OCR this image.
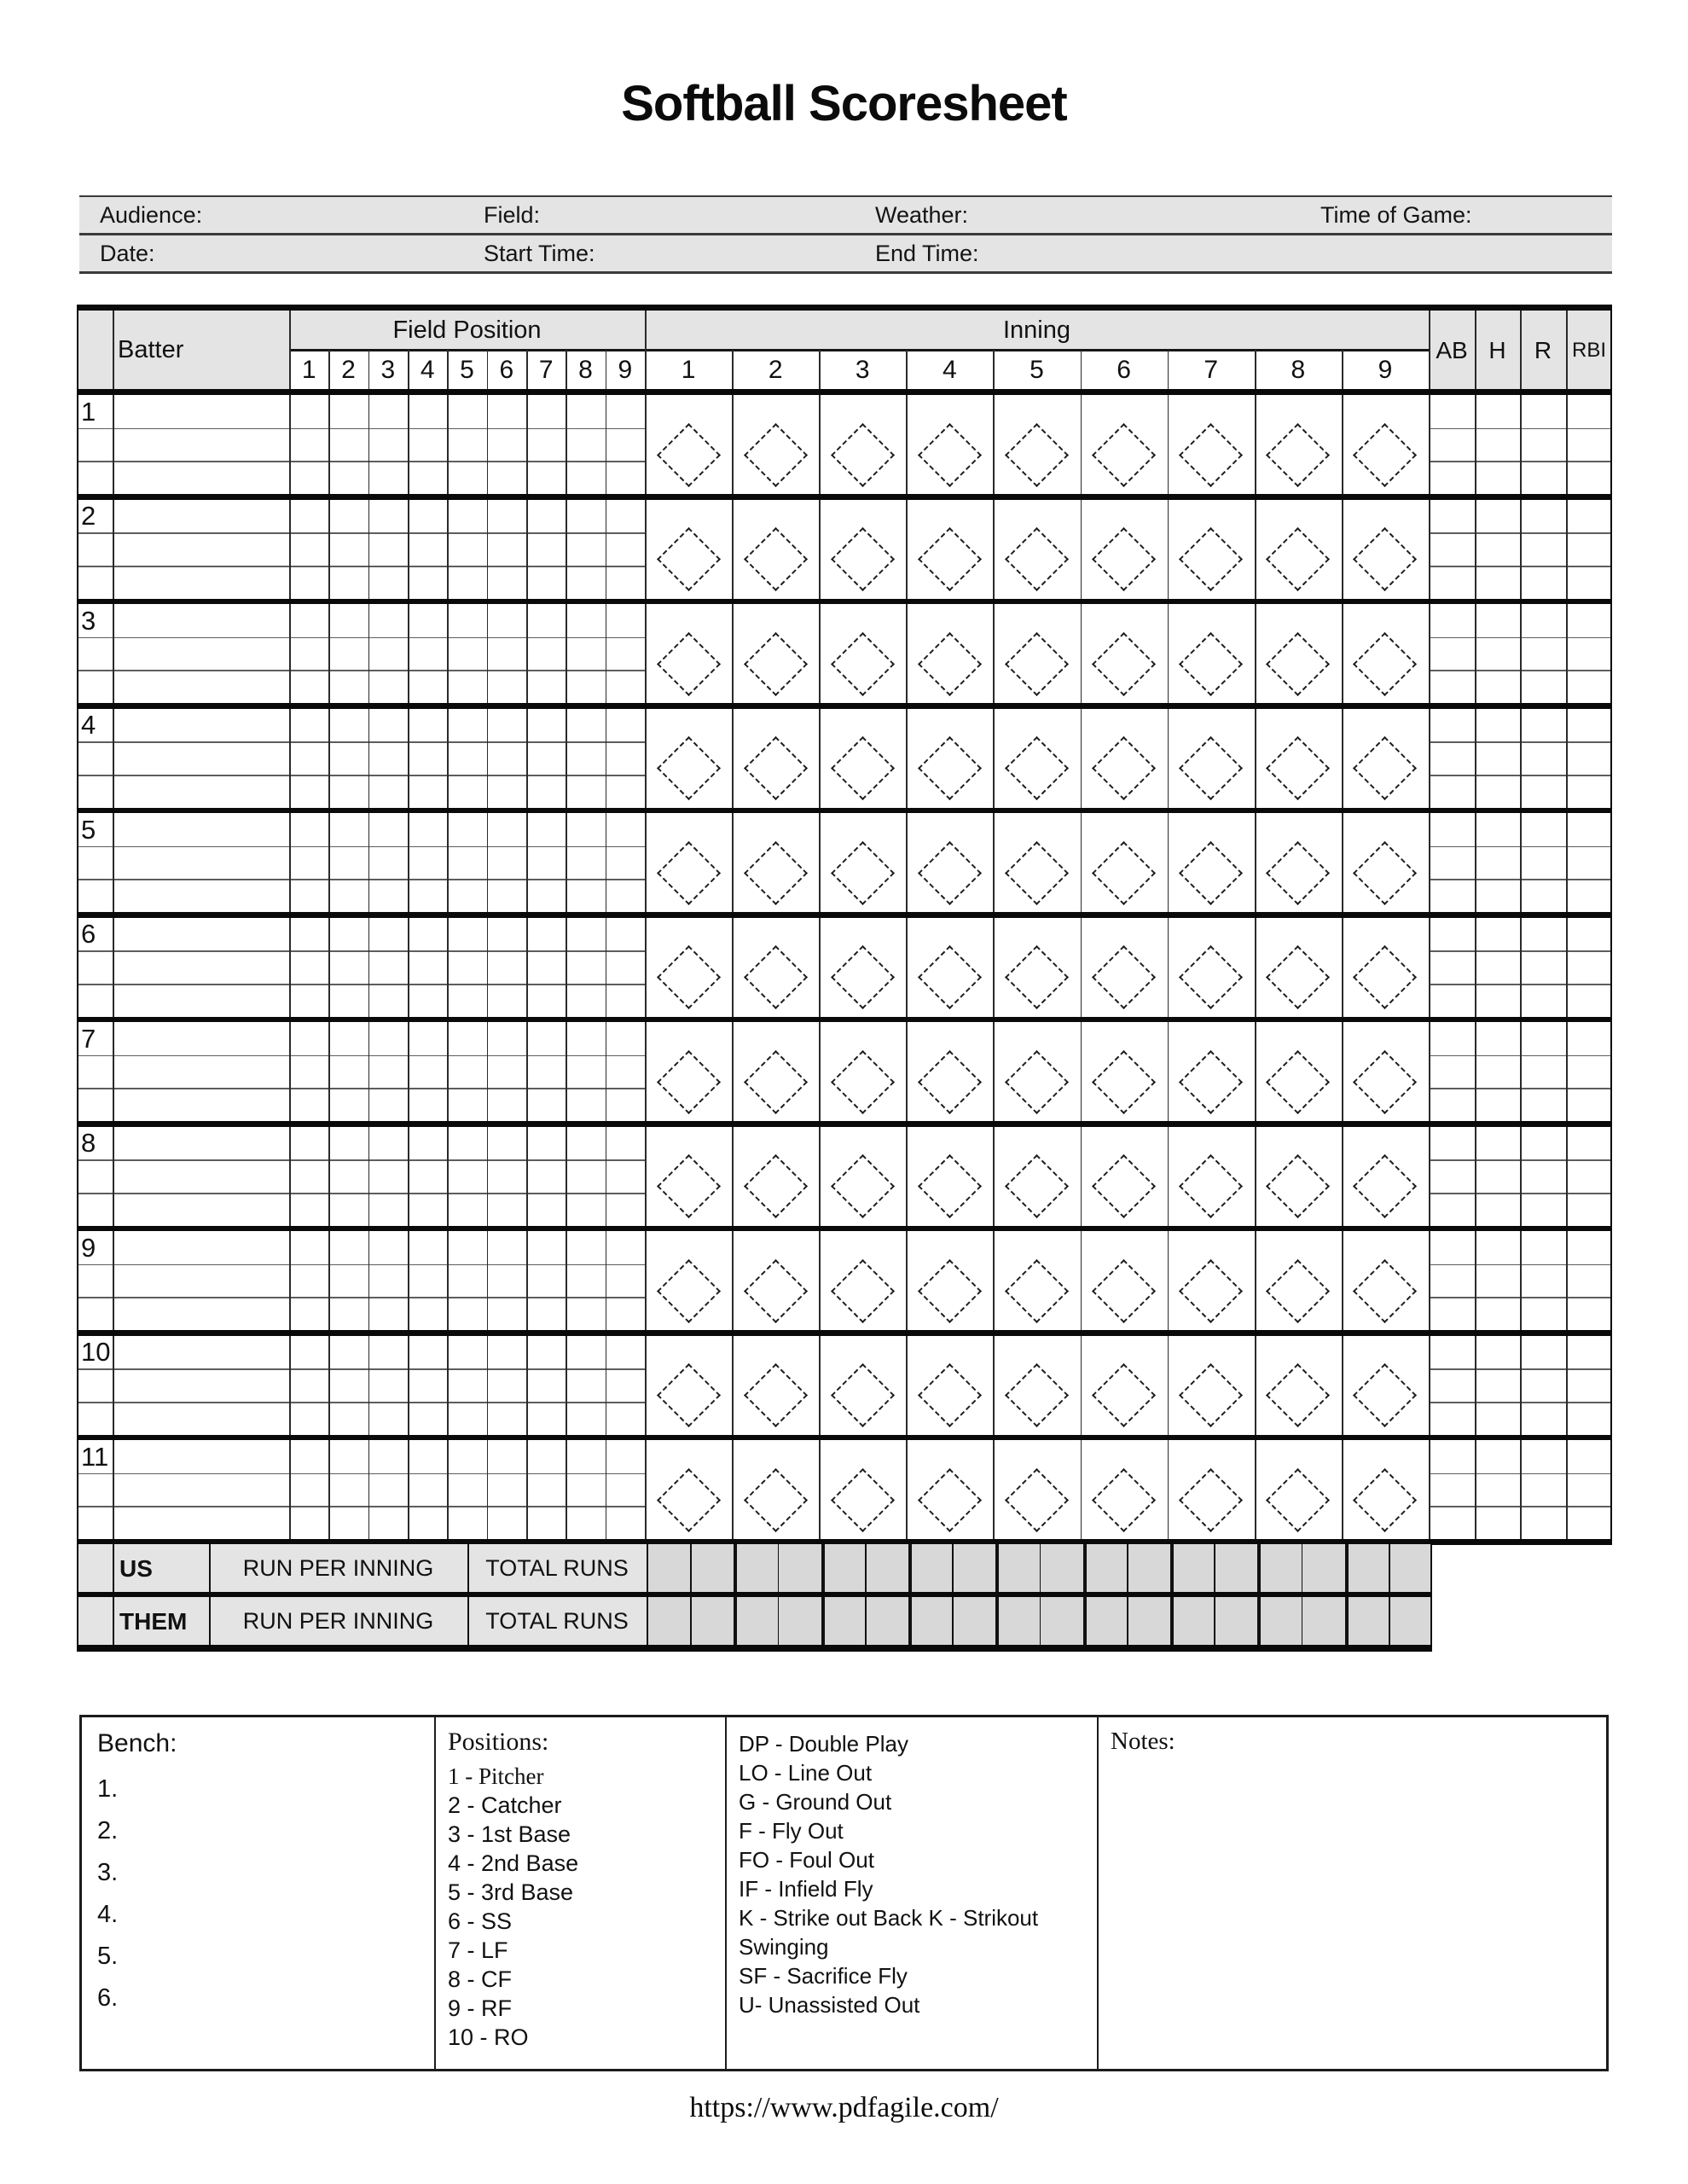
Softball Scoresheet
Audience:	Field:	Weather:	Time of Game:
Date:	Start Time:	End Time:
Batter
Field Position	Inning
1 2 3 4 5 6 7 8 9	1	2	3	4	5	6	7	8	9
AB H	R RBI
1
2
3
4
5
6
7
8
9
10
11
US	RUN PER INNING	TOTAL RUNS
THEM	RUN PER INNING	TOTAL RUNS
Bench:
1.
2.
3.
4.
5.
6.
Positions:
1 - Pitcher
2 - Catcher
3 - 1st Base
4 - 2nd Base
5 - 3rd Base
6 - SS
7 - LF
8 - CF
9 - RF
10 - RO
DP - Double Play
LO - Line Out
G - Ground Out
F - Fly Out
FO - Foul Out
IF - Infield Fly
K - Strike out Back K - Strikout Swinging
SF - Sacrifice Fly
U- Unassisted Out
Notes:
https://www.pdfagile.com/
